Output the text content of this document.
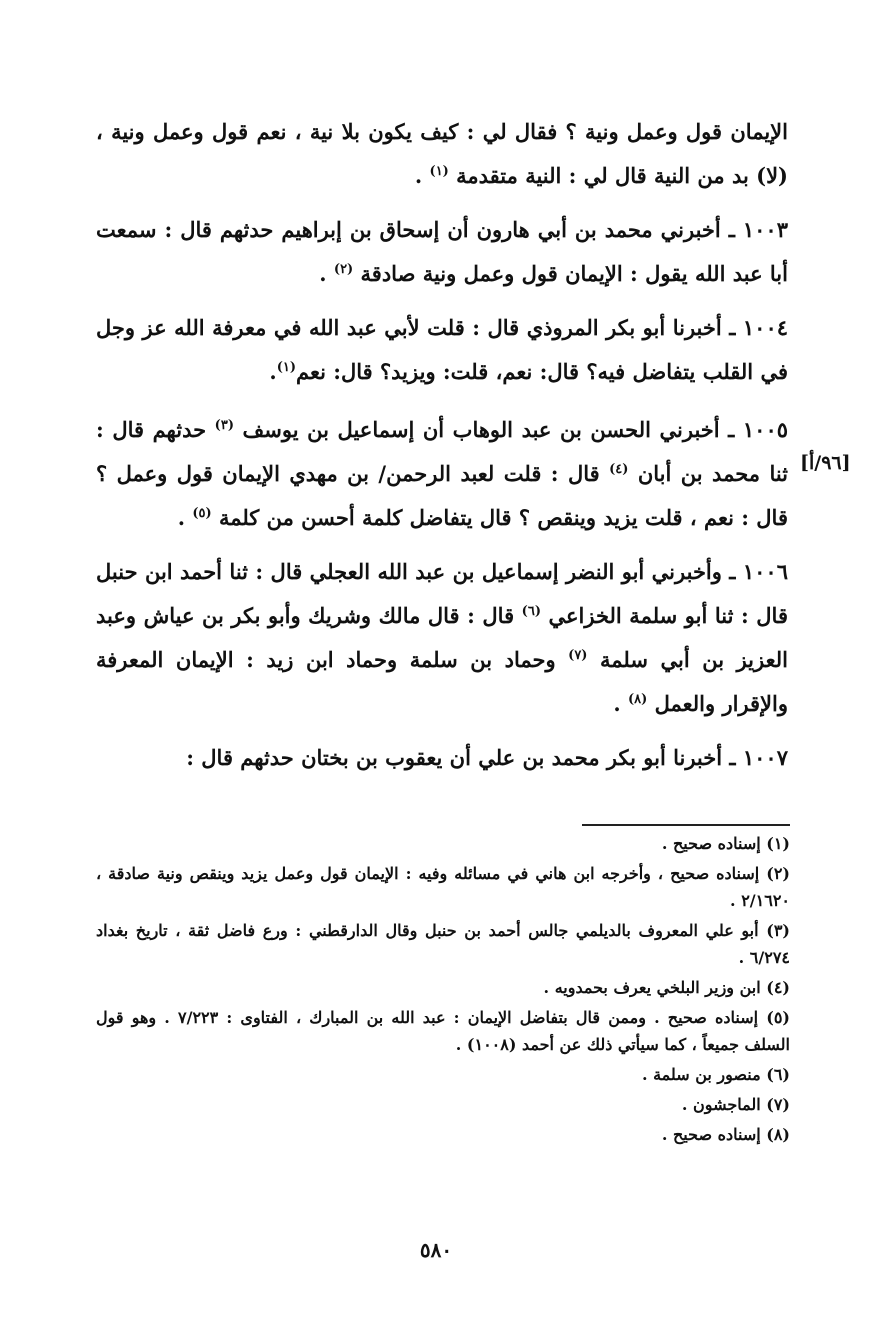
الإيمان قول وعمل ونية ؟ فقال لي : كيف يكون بلا نية ، نعم قول وعمل ونية ، (لا) بد من النية قال لي : النية متقدمة $^{(١)}$ .

١٠٠٣ ـ أخبرني محمد بن أبي هارون أن إسحاق بن إبراهيم حدثهم قال : سمعت أبا عبد الله يقول : الإيمان قول وعمل ونية صادقة $^{(٢)}$ .

١٠٠٤ ـ أخبرنا أبو بكر المروذي قال : قلت لأبي عبد الله في معرفة الله عز وجل في القلب يتفاضل فيه؟ قال: نعم، قلت: ويزيد؟ قال: نعم$^{(١)}$.

١٠٠٥ ـ أخبرني الحسن بن عبد الوهاب أن إسماعيل بن يوسف $^{(٣)}$ حدثهم قال : ثنا محمد بن أبان $^{(٤)}$ قال : قلت لعبد الرحمن/ بن مهدي الإيمان قول وعمل ؟ قال : نعم ، قلت يزيد وينقص ؟ قال يتفاضل كلمة أحسن من كلمة $^{(٥)}$ .

١٠٠٦ ـ وأخبرني أبو النضر إسماعيل بن عبد الله العجلي قال : ثنا أحمد ابن حنبل قال : ثنا أبو سلمة الخزاعي $^{(٦)}$ قال : قال مالك وشريك وأبو بكر بن عياش وعبد العزيز بن أبي سلمة $^{(٧)}$ وحماد بن سلمة وحماد ابن زيد : الإيمان المعرفة والإقرار والعمل $^{(٨)}$ .

١٠٠٧ ـ أخبرنا أبو بكر محمد بن علي أن يعقوب بن بختان حدثهم قال :

[٩٦/أ]

(١) إسناده صحيح .

(٢) إسناده صحيح ، وأخرجه ابن هاني في مسائله وفيه : الإيمان قول وعمل يزيد وينقص ونية صادقة ، ٢/١٦٢٠ .

(٣) أبو علي المعروف بالديلمي جالس أحمد بن حنبل وقال الدارقطني : ورع فاضل ثقة ، تاريخ بغداد ٦/٢٧٤ .

(٤) ابن وزير البلخي يعرف بحمدويه .

(٥) إسناده صحيح . وممن قال بتفاضل الإيمان : عبد الله بن المبارك ، الفتاوى : ٧/٢٢٣ . وهو قول السلف جميعاً ، كما سيأتي ذلك عن أحمد (١٠٠٨) .

(٦) منصور بن سلمة .

(٧) الماجشون .

(٨) إسناده صحيح .

٥٨٠
